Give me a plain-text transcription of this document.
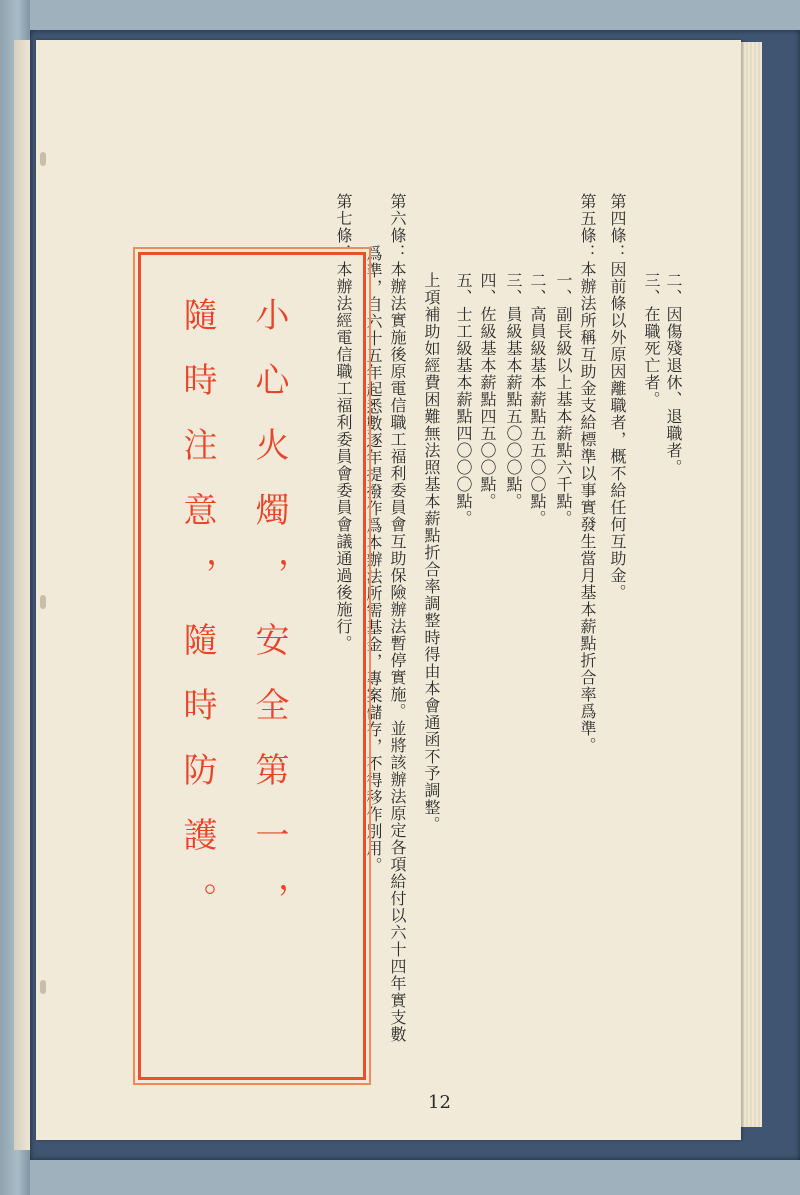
二、因傷殘退休、退職者。
三、在職死亡者。
第四條：因前條以外原因離職者，概不給任何互助金。
第五條：本辦法所稱互助金支給標準以事實發生當月基本薪點折合率爲準。
一、副長級以上基本薪點六千點。
二、高員級基本薪點五五〇〇點。
三、員級基本薪點五〇〇〇點。
四、佐級基本薪點四五〇〇點。
五、士工級基本薪點四〇〇〇點。
上項補助如經費困難無法照基本薪點折合率調整時得由本會通函不予調整。
第六條：本辦法實施後原電信職工福利委員會互助保險辦法暫停實施。並將該辦法原定各項給付以六十四年實支數
爲準，自六十五年起悉數逐年提撥作爲本辦法所需基金，專案儲存，不得移作別用。
第七條：本辦法經電信職工福利委員會委員會議通過後施行。
小心火燭，安全第一，
隨時注意，隨時防護。
12
